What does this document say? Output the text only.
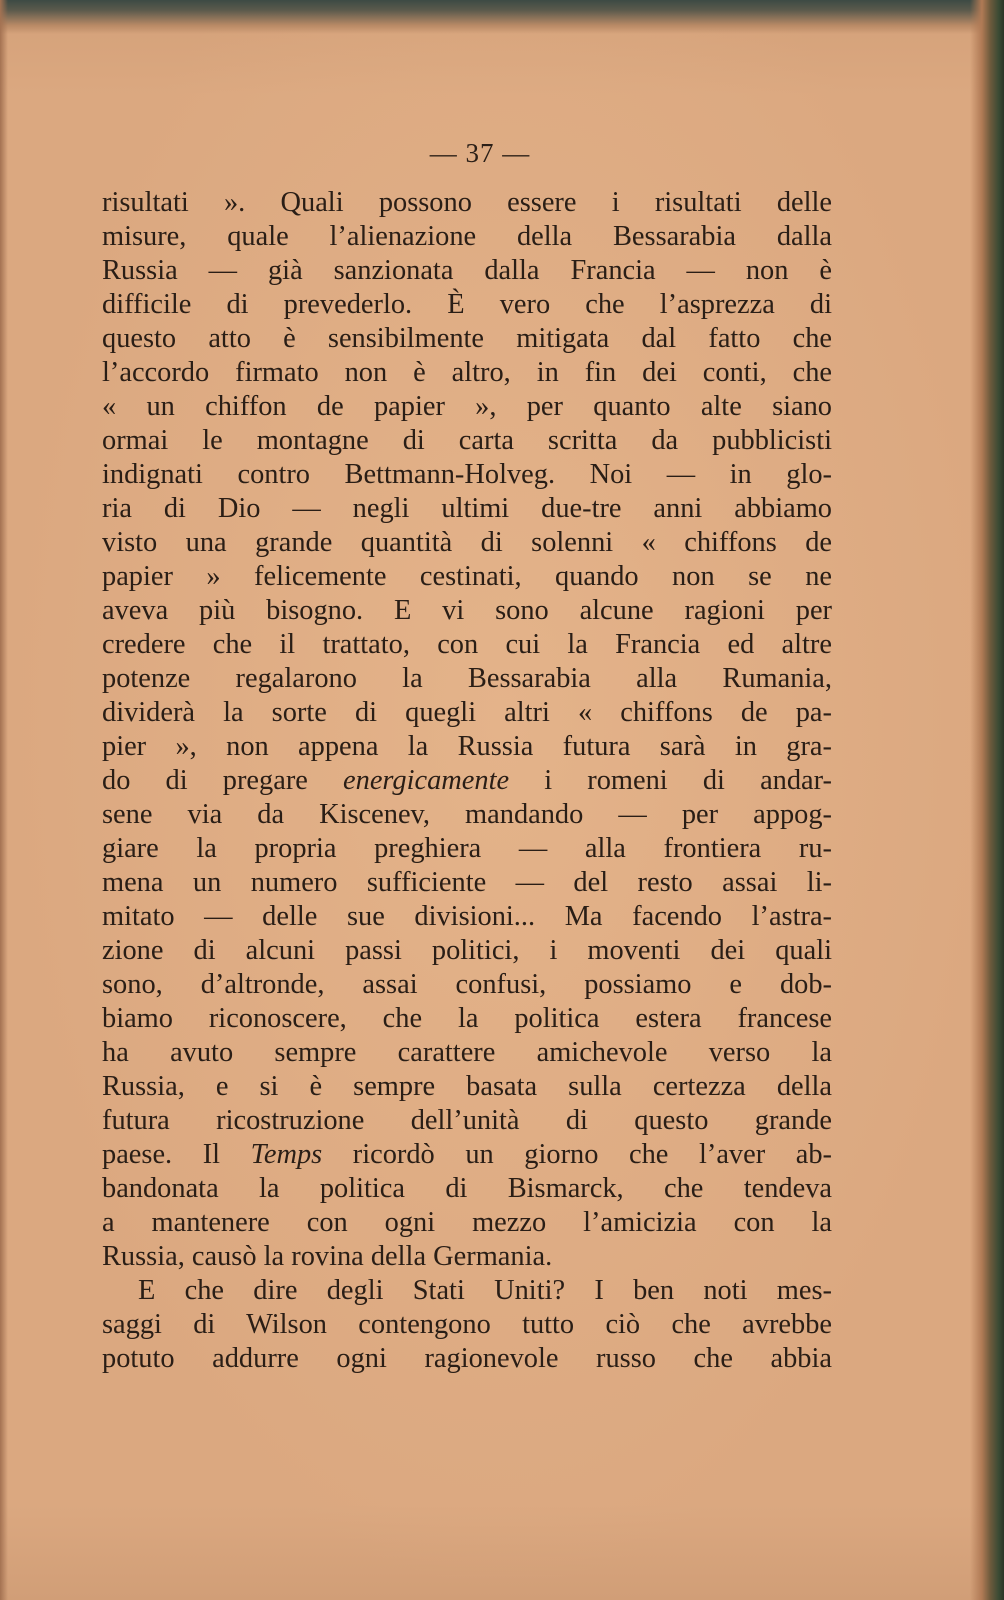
— 37 —
risultati ». Quali possono essere i risultati delle
misure, quale l’alienazione della Bessarabia dalla
Russia — già sanzionata dalla Francia — non è
difficile di prevederlo. È vero che l’asprezza di
questo atto è sensibilmente mitigata dal fatto che
l’accordo firmato non è altro, in fin dei conti, che
« un chiffon de papier », per quanto alte siano
ormai le montagne di carta scritta da pubblicisti
indignati contro Bettmann-Holveg. Noi — in glo-
ria di Dio — negli ultimi due-tre anni abbiamo
visto una grande quantità di solenni « chiffons de
papier » felicemente cestinati, quando non se ne
aveva più bisogno. E vi sono alcune ragioni per
credere che il trattato, con cui la Francia ed altre
potenze regalarono la Bessarabia alla Rumania,
dividerà la sorte di quegli altri « chiffons de pa-
pier », non appena la Russia futura sarà in gra-
do di pregare energicamente i romeni di andar-
sene via da Kiscenev, mandando — per appog-
giare la propria preghiera — alla frontiera ru-
mena un numero sufficiente — del resto assai li-
mitato — delle sue divisioni... Ma facendo l’astra-
zione di alcuni passi politici, i moventi dei quali
sono, d’altronde, assai confusi, possiamo e dob-
biamo riconoscere, che la politica estera francese
ha avuto sempre carattere amichevole verso la
Russia, e si è sempre basata sulla certezza della
futura ricostruzione dell’unità di questo grande
paese. Il Temps ricordò un giorno che l’aver ab-
bandonata la politica di Bismarck, che tendeva
a mantenere con ogni mezzo l’amicizia con la
Russia, causò la rovina della Germania.
E che dire degli Stati Uniti? I ben noti mes-
saggi di Wilson contengono tutto ciò che avrebbe
potuto addurre ogni ragionevole russo che abbia
